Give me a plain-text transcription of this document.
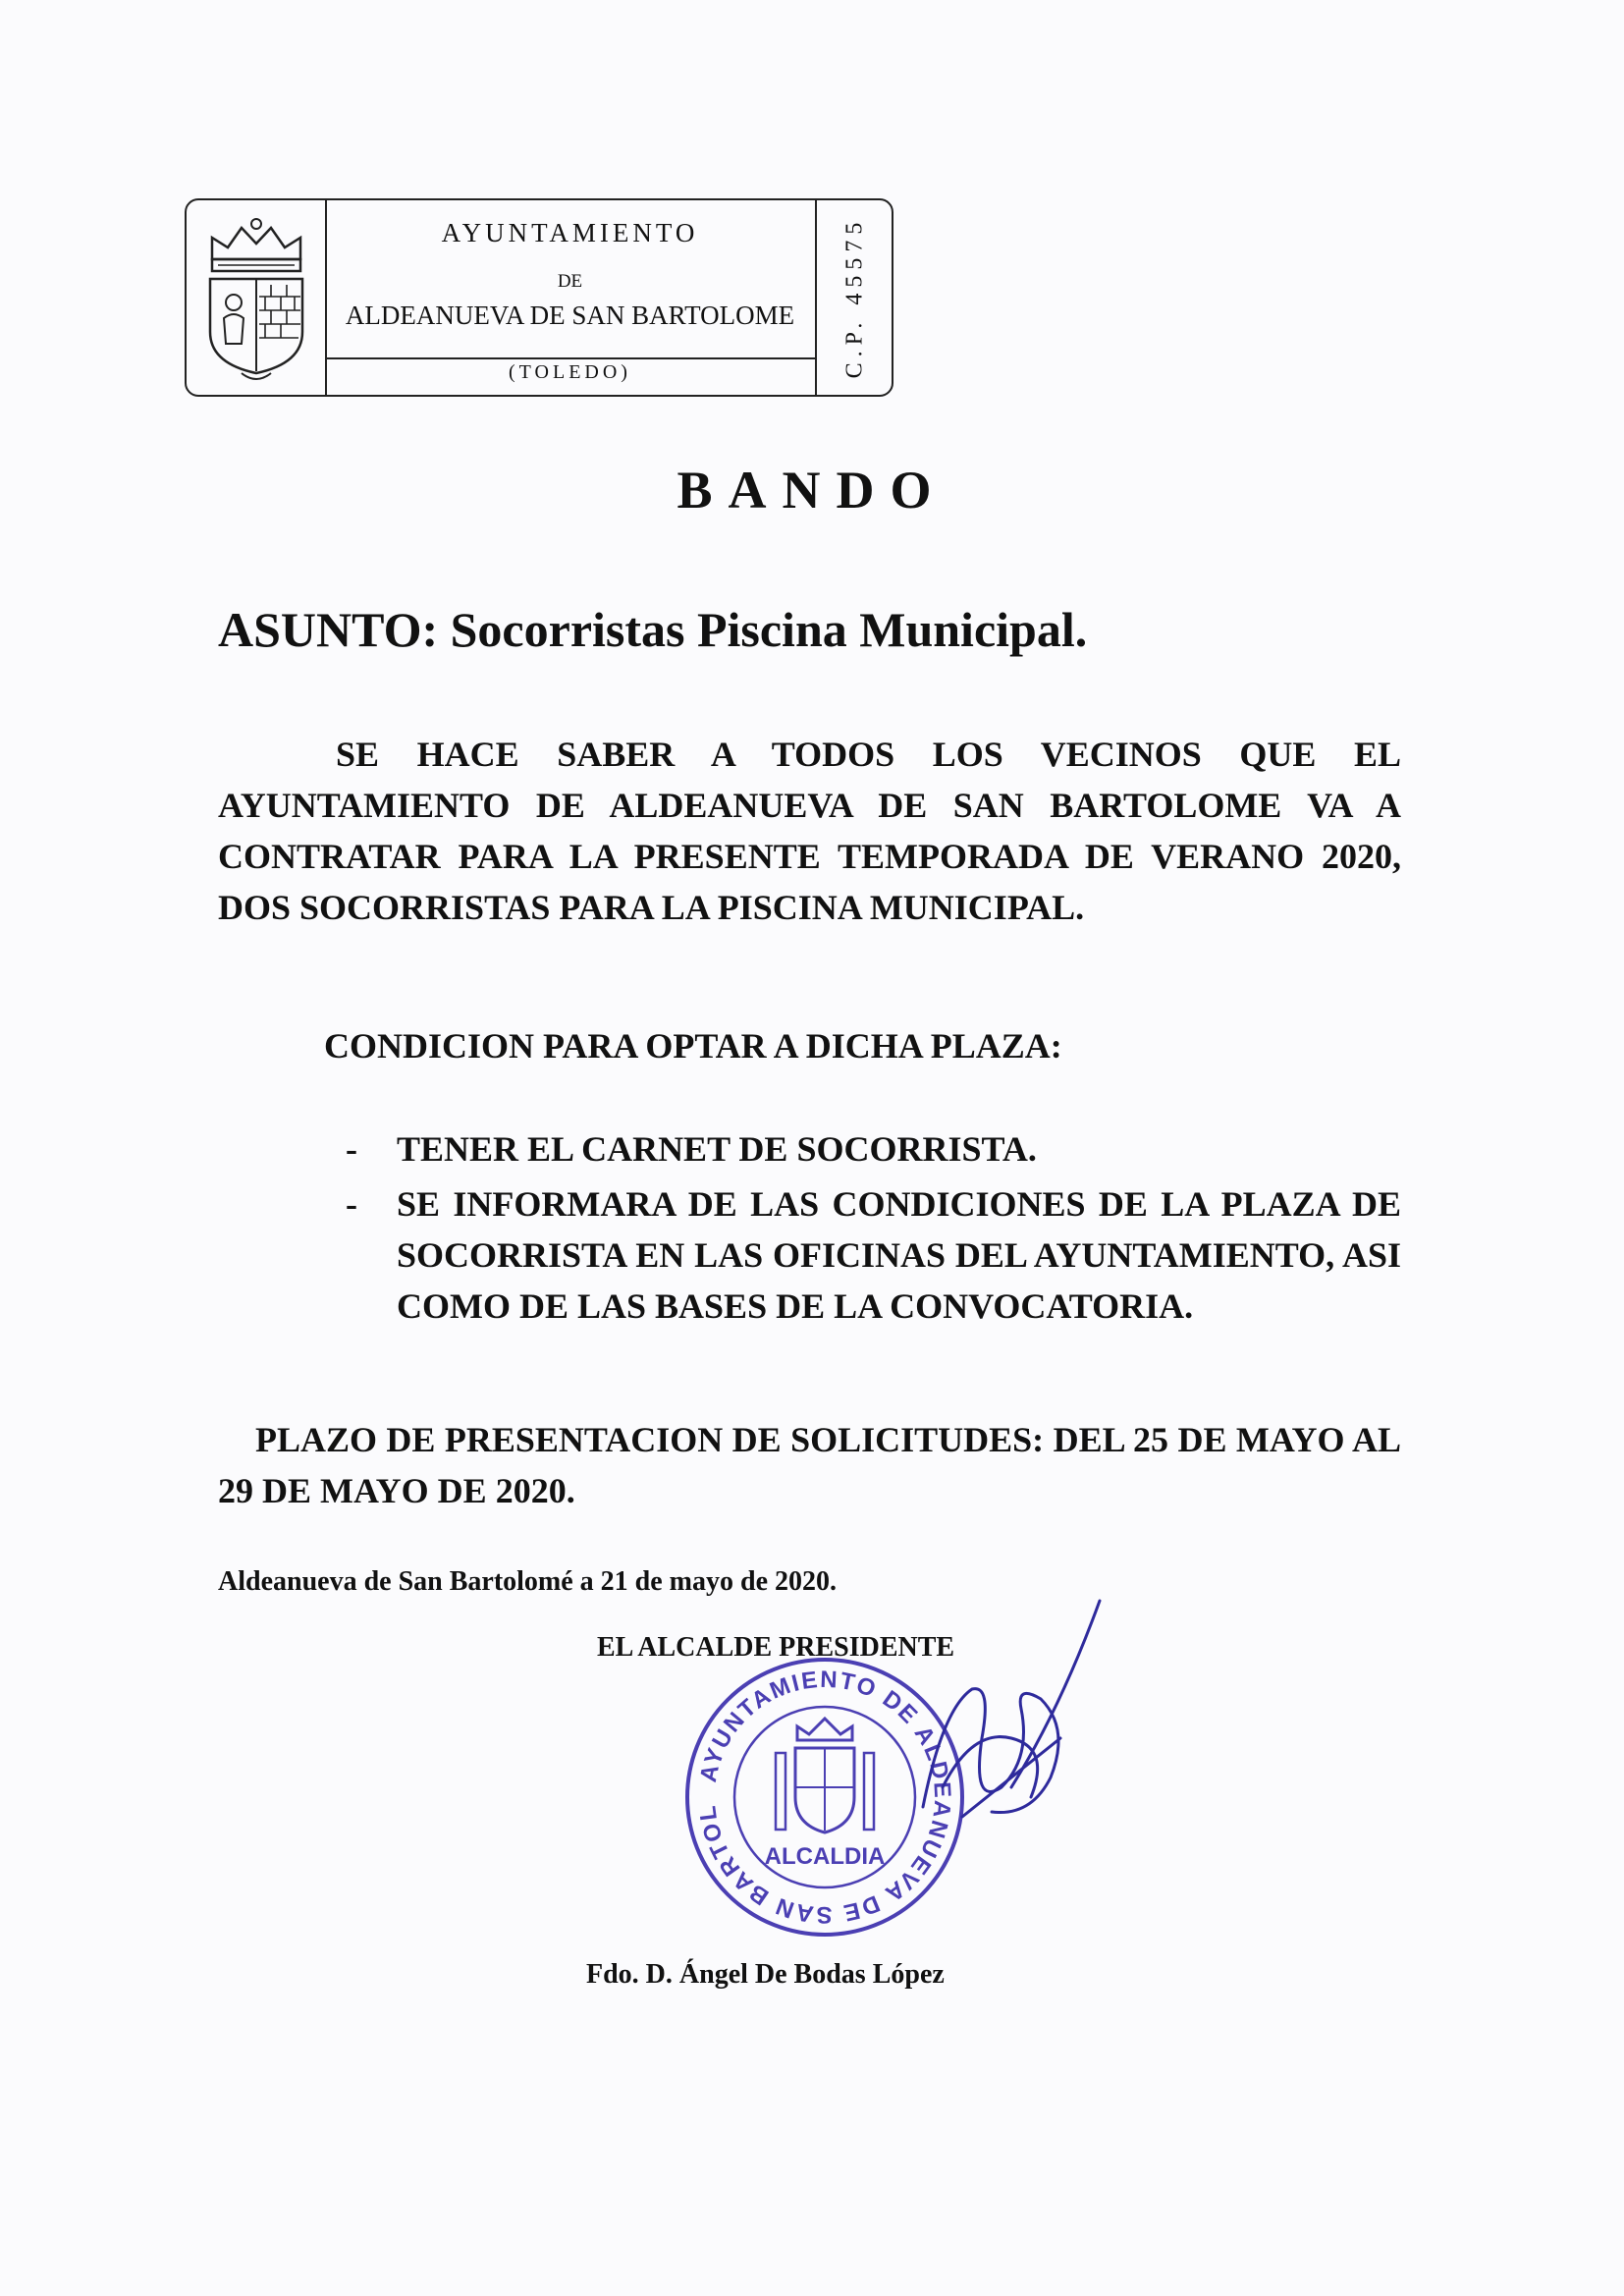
AYUNTAMIENTO
DE
ALDEANUEVA DE SAN BARTOLOME
(TOLEDO)	C.P. 45575
BANDO
ASUNTO: Socorristas Piscina Municipal.

SE HACE SABER A TODOS LOS VECINOS QUE EL AYUNTAMIENTO DE ALDEANUEVA DE SAN BARTOLOME VA A CONTRATAR PARA LA PRESENTE TEMPORADA DE VERANO 2020, DOS SOCORRISTAS PARA LA PISCINA MUNICIPAL.

CONDICION PARA OPTAR A DICHA PLAZA:
- TENER EL CARNET DE SOCORRISTA.
- SE INFORMARA DE LAS CONDICIONES DE LA PLAZA DE SOCORRISTA EN LAS OFICINAS DEL AYUNTAMIENTO, ASI COMO DE LAS BASES DE LA CONVOCATORIA.

PLAZO DE PRESENTACION DE SOLICITUDES: DEL 25 DE MAYO AL 29 DE MAYO DE 2020.

Aldeanueva de San Bartolomé a 21 de mayo de 2020.
AYUNTAMIENTO DE ALDEANUEVA DE SAN BARTOL
ALCALDIA
EL ALCALDE PRESIDENTE
Fdo. D. Ángel De Bodas López
